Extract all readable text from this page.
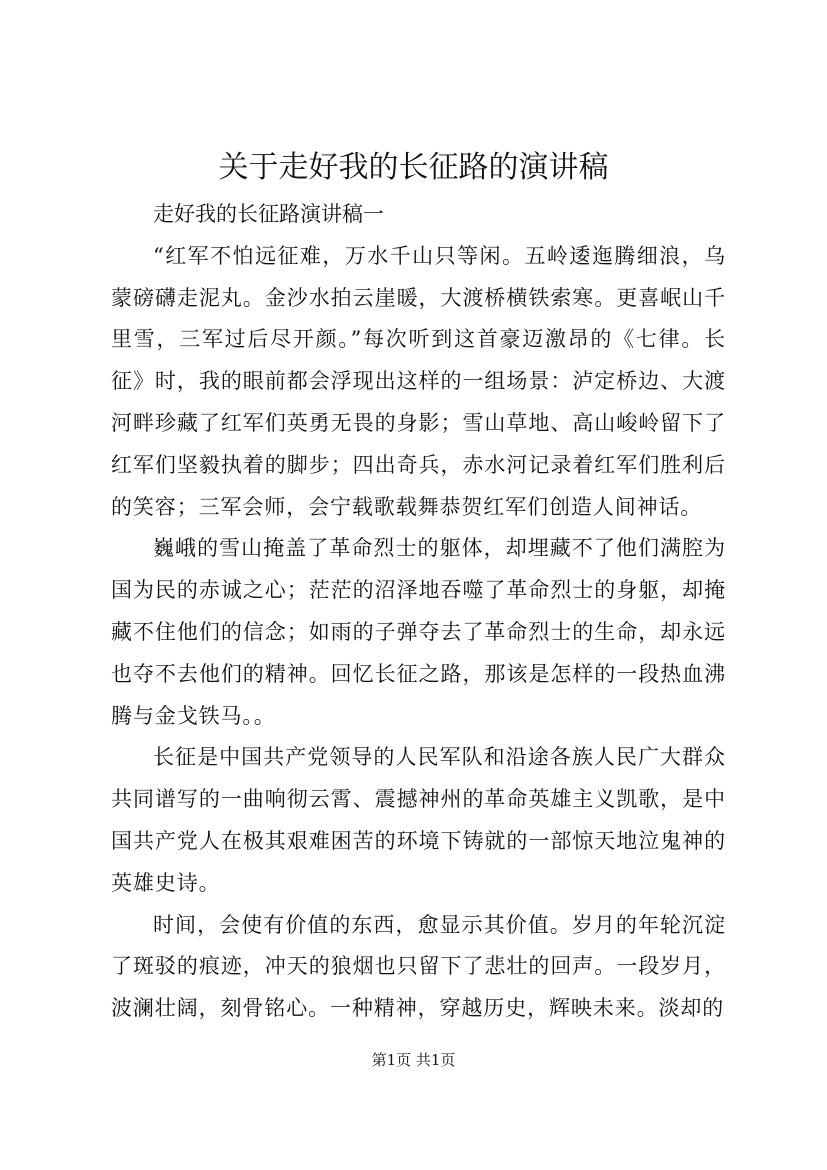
关于走好我的长征路的演讲稿

走好我的长征路演讲稿一

“红军不怕远征难，万水千山只等闲。五岭逶迤腾细浪，乌蒙磅礴走泥丸。金沙水拍云崖暖，大渡桥横铁索寒。更喜岷山千里雪，三军过后尽开颜。”每次听到这首豪迈激昂的《七律。长征》时，我的眼前都会浮现出这样的一组场景：泸定桥边、大渡河畔珍藏了红军们英勇无畏的身影；雪山草地、高山峻岭留下了红军们坚毅执着的脚步；四出奇兵，赤水河记录着红军们胜利后的笑容；三军会师，会宁载歌载舞恭贺红军们创造人间神话。

巍峨的雪山掩盖了革命烈士的躯体，却埋藏不了他们满腔为国为民的赤诚之心；茫茫的沼泽地吞噬了革命烈士的身躯，却掩藏不住他们的信念；如雨的子弹夺去了革命烈士的生命，却永远也夺不去他们的精神。回忆长征之路，那该是怎样的一段热血沸腾与金戈铁马。。

长征是中国共产党领导的人民军队和沿途各族人民广大群众共同谱写的一曲响彻云霄、震撼神州的革命英雄主义凯歌，是中国共产党人在极其艰难困苦的环境下铸就的一部惊天地泣鬼神的英雄史诗。

时间，会使有价值的东西，愈显示其价值。岁月的年轮沉淀了斑驳的痕迹，冲天的狼烟也只留下了悲壮的回声。一段岁月，波澜壮阔，刻骨铭心。一种精神，穿越历史，辉映未来。淡却的

第1页 共1页
